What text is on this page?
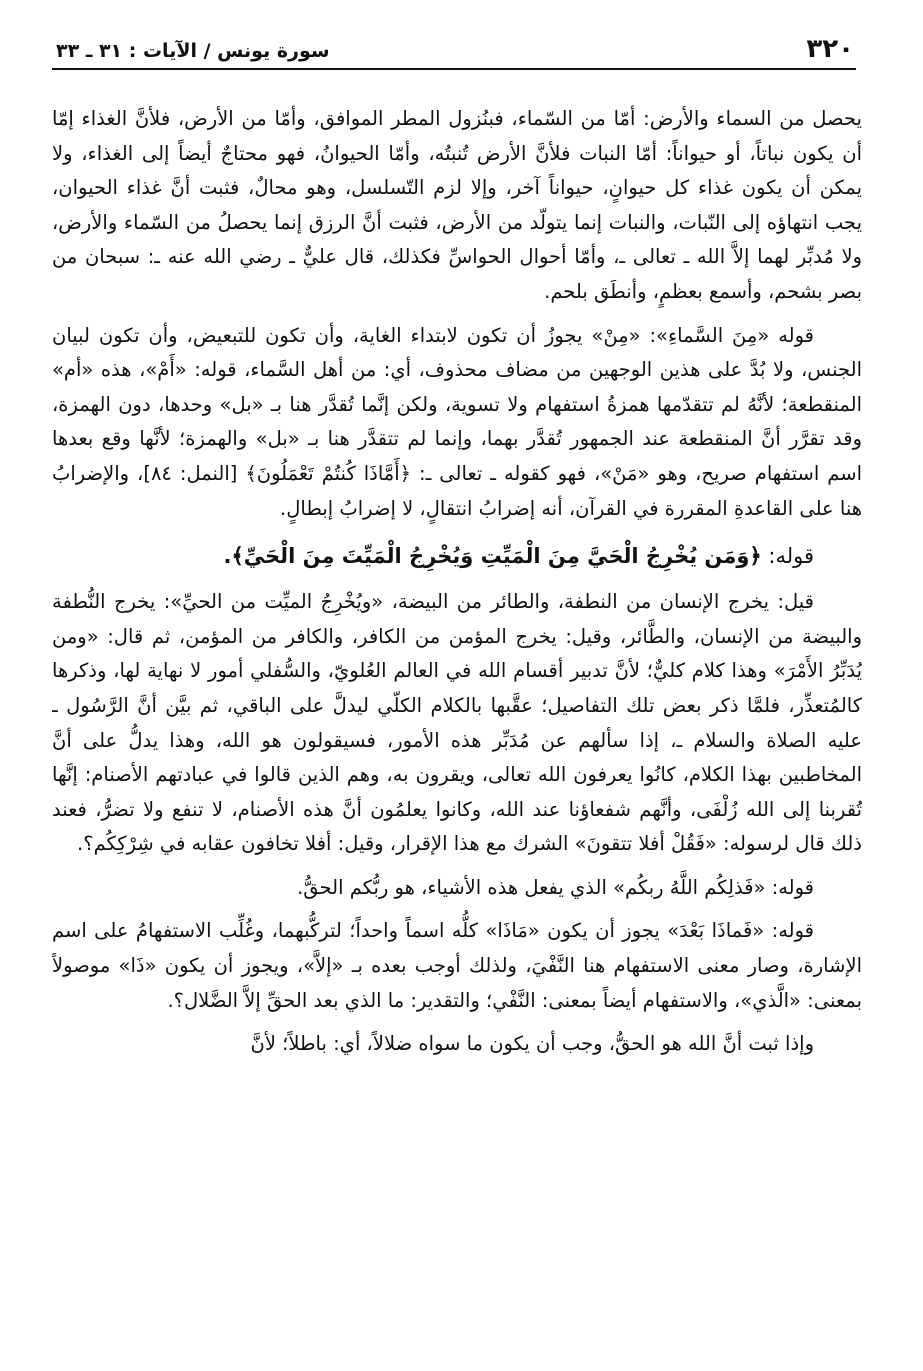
٣٢٠
سورة يونس / الآيات : ٣١ ـ ٣٣

يحصل من السماء والأرض: أمّا من السّماء، فبنُزول المطر الموافق، وأمّا من الأرض، فلأنَّ الغذاء إمّا أن يكون نباتاً، أو حيواناً: أمّا النبات فلأنَّ الأرض تُنبتُه، وأمّا الحيوانُ، فهو محتاجٌ أيضاً إلى الغذاء، ولا يمكن أن يكون غذاء كل حيوانٍ، حيواناً آخر، وإلا لزم التّسلسل، وهو محالٌ، فثبت أنَّ غذاء الحيوان، يجب انتهاؤه إلى النّبات، والنبات إنما يتولّد من الأرض، فثبت أنَّ الرزق إنما يحصلُ من السّماء والأرض، ولا مُدبِّر لهما إلاَّ الله ـ تعالى ـ، وأمّا أحوال الحواسِّ فكذلك، قال عليٌّ ـ رضي الله عنه ـ: سبحان من بصر بشحم، وأسمع بعظمٍ، وأنطَق بلحم.

قوله «مِنَ السَّماءِ»: «مِنْ» يجوزُ أن تكون لابتداء الغاية، وأن تكون للتبعيض، وأن تكون لبيان الجنس، ولا بُدَّ على هذين الوجهين من مضاف محذوف، أي: من أهل السَّماء، قوله: «أَمْ»، هذه «أم» المنقطعة؛ لأنَّهُ لم تتقدّمها همزةُ استفهام ولا تسوية، ولكن إنَّما تُقدَّر هنا بـ «بل» وحدها، دون الهمزة، وقد تقرَّر أنَّ المنقطعة عند الجمهور تُقدَّر بهما، وإنما لم تتقدَّر هنا بـ «بل» والهمزة؛ لأنَّها وقع بعدها اسم استفهام صريح، وهو «مَنْ»، فهو كقوله ـ تعالى ـ: ﴿أَمَّاذَا كُنتُمْ تَعْمَلُونَ﴾ [النمل: ٨٤]، والإضرابُ هنا على القاعدةِ المقررة في القرآن، أنه إضرابُ انتقالٍ، لا إضرابُ إبطالٍ.

قوله: ﴿وَمَن يُخْرِجُ الْحَيَّ مِنَ الْمَيِّتِ وَيُخْرِجُ الْمَيِّتَ مِنَ الْحَيِّ﴾.

قيل: يخرج الإنسان من النطفة، والطائر من البيضة، «ويُخْرِجُ الميِّت من الحيِّ»: يخرج النُّطفة والبيضة من الإنسان، والطَّائر، وقيل: يخرج المؤمن من الكافر، والكافر من المؤمن، ثم قال: «ومن يُدَبِّرُ الأَمْرَ» وهذا كلام كليٌّ؛ لأنَّ تدبير أقسام الله في العالم العُلويّ، والسُّفلي أمور لا نهاية لها، وذكرها كالمُتعذِّر، فلمَّا ذكر بعض تلك التفاصيل؛ عقَّبها بالكلام الكلّي ليدلَّ على الباقي، ثم بيَّن أنَّ الرَّسُول ـ عليه الصلاة والسلام ـ، إذا سألهم عن مُدَبِّر هذه الأمور، فسيقولون هو الله، وهذا يدلُّ على أنَّ المخاطبين بهذا الكلام، كانُوا يعرفون الله تعالى، ويقرون به، وهم الذين قالوا في عبادتهم الأصنام: إنَّها تُقربنا إلى الله زُلْفَى، وأنَّهم شفعاؤنا عند الله، وكانوا يعلمُون أنَّ هذه الأصنام، لا تنفع ولا تضرُّ، فعند ذلك قال لرسوله: «فَقُلْ أفلا تتقونَ» الشرك مع هذا الإقرار، وقيل: أفلا تخافون عقابه في شِرْكِكُم؟.

قوله: «فَذلِكُم اللَّهُ ربكُم» الذي يفعل هذه الأشياء، هو ربُّكم الحقُّ.

قوله: «فَماذَا بَعْدَ» يجوز أن يكون «مَاذَا» كلُّه اسماً واحداً؛ لتركُّبهما، وغُلِّب الاستفهامُ على اسم الإشارة، وصار معنى الاستفهام هنا النَّفْيَ، ولذلك أوجب بعده بـ «إلاَّ»، ويجوز أن يكون «ذَا» موصولاً بمعنى: «الَّذي»، والاستفهام أيضاً بمعنى: النَّفْي؛ والتقدير: ما الذي بعد الحقِّ إلاَّ الضَّلال؟.

وإذا ثبت أنَّ الله هو الحقُّ، وجب أن يكون ما سواه ضلالاً، أي: باطلاً؛ لأنَّ
